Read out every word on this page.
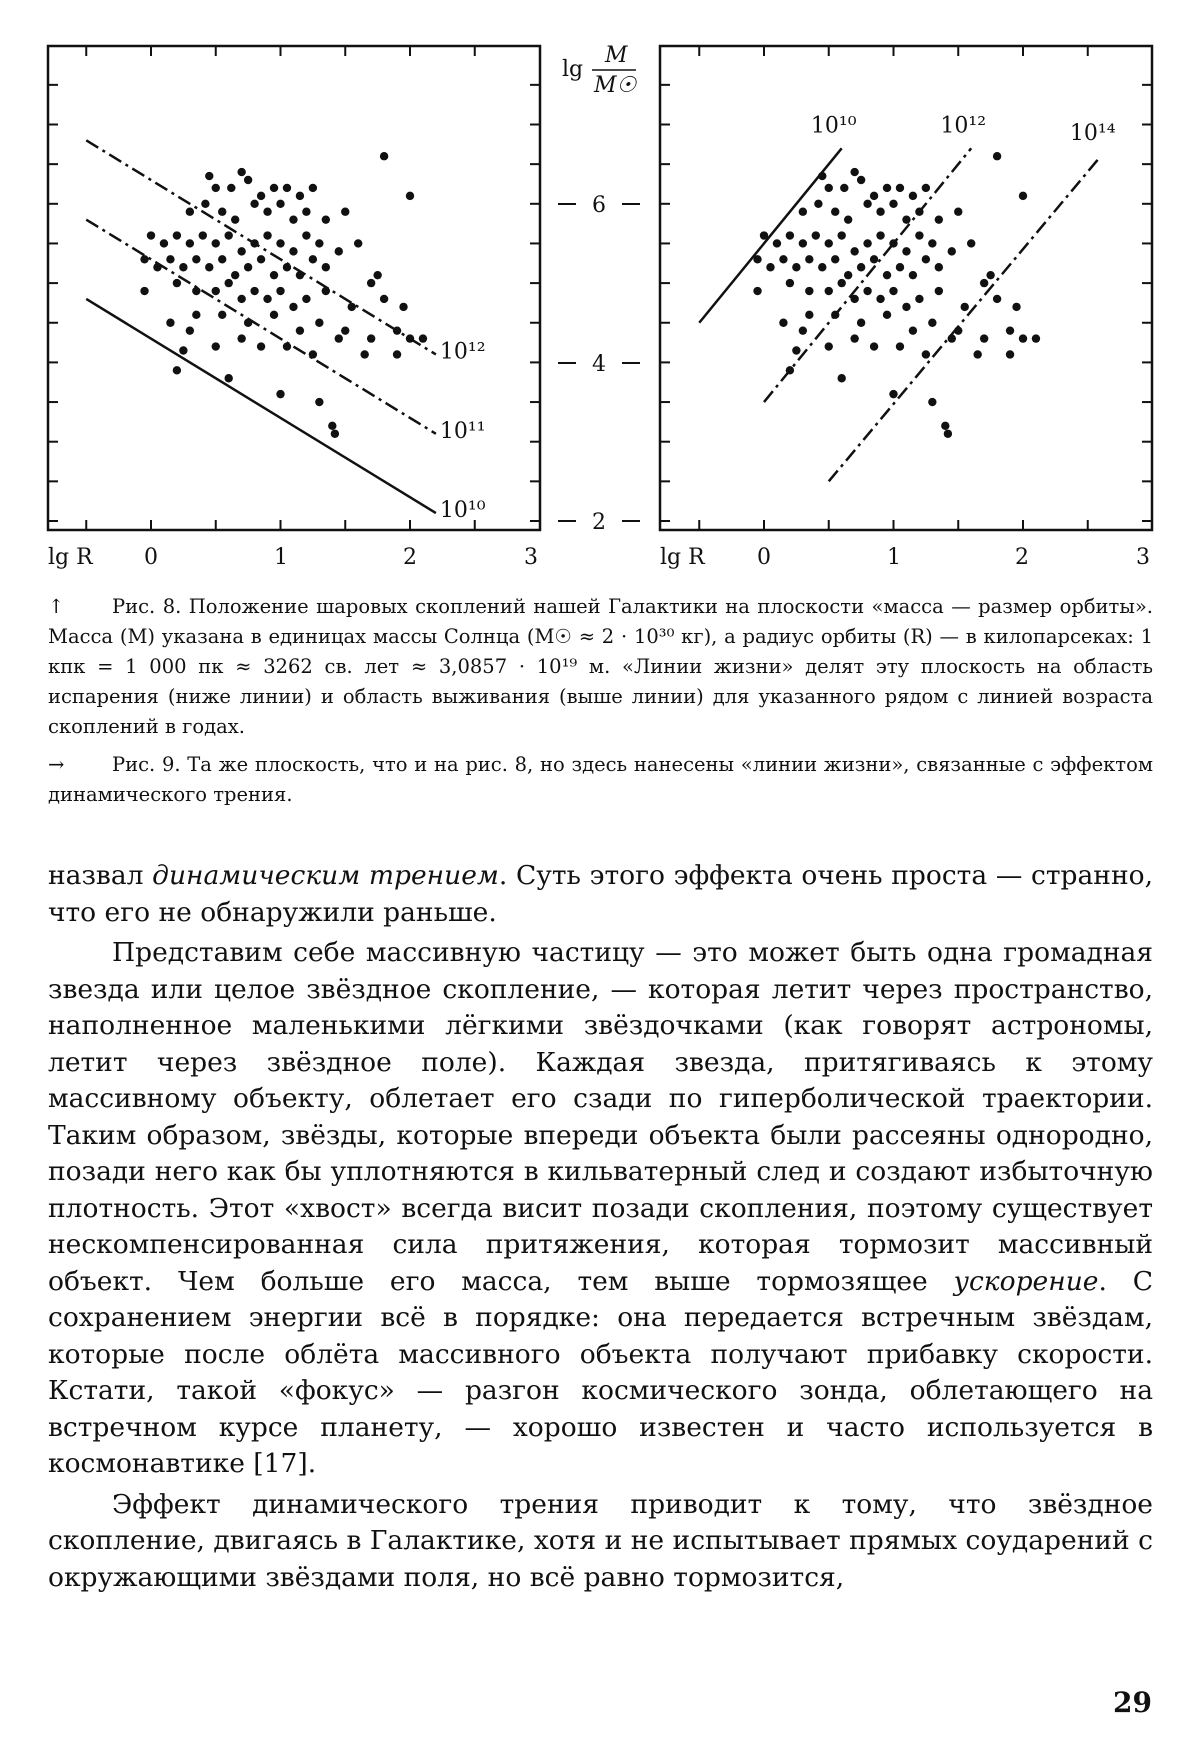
10¹⁰
10¹¹
10¹²
lg R 0	1	2	3
lg
M
M☉
6
4
2
10¹⁰	10¹²	10¹⁴
lg R 0	1	2	3

↑ Рис. 8. Положение шаровых скоплений нашей Галактики на плоскости «масса — размер орбиты». Масса (M) указана в единицах массы Солнца (M☉ ≈ 2 · 10³⁰ кг), а радиус орбиты (R) — в килопарсеках: 1 кпк = 1 000 пк ≈ 3262 св. лет ≈ 3,0857 · 10¹⁹ м. «Линии жизни» делят эту плоскость на область испарения (ниже линии) и область выживания (выше линии) для указанного рядом с линией возраста скоплений в годах.

→ Рис. 9. Та же плоскость, что и на рис. 8, но здесь нанесены «линии жизни», связанные с эффектом динамического трения.

назвал динамическим трением. Суть этого эффекта очень проста — странно, что его не обнаружили раньше.

Представим себе массивную частицу — это может быть одна громадная звезда или целое звёздное скопление, — которая летит через пространство, наполненное маленькими лёгкими звёздочками (как говорят астрономы, летит через звёздное поле). Каждая звезда, притягиваясь к этому массивному объекту, облетает его сзади по гиперболической траектории. Таким образом, звёзды, которые впереди объекта были рассеяны однородно, позади него как бы уплотняются в кильватерный след и создают избыточную плотность. Этот «хвост» всегда висит позади скопления, поэтому существует нескомпенсированная сила притяжения, которая тормозит массивный объект. Чем больше его масса, тем выше тормозящее ускорение. С сохранением энергии всё в порядке: она передается встречным звёздам, которые после облёта массивного объекта получают прибавку скорости. Кстати, такой «фокус» — разгон космического зонда, облетающего на встречном курсе планету, — хорошо известен и часто используется в космонавтике [17].

Эффект динамического трения приводит к тому, что звёздное скопление, двигаясь в Галактике, хотя и не испытывает прямых соударений с окружающими звёздами поля, но всё равно тормозится,

29
